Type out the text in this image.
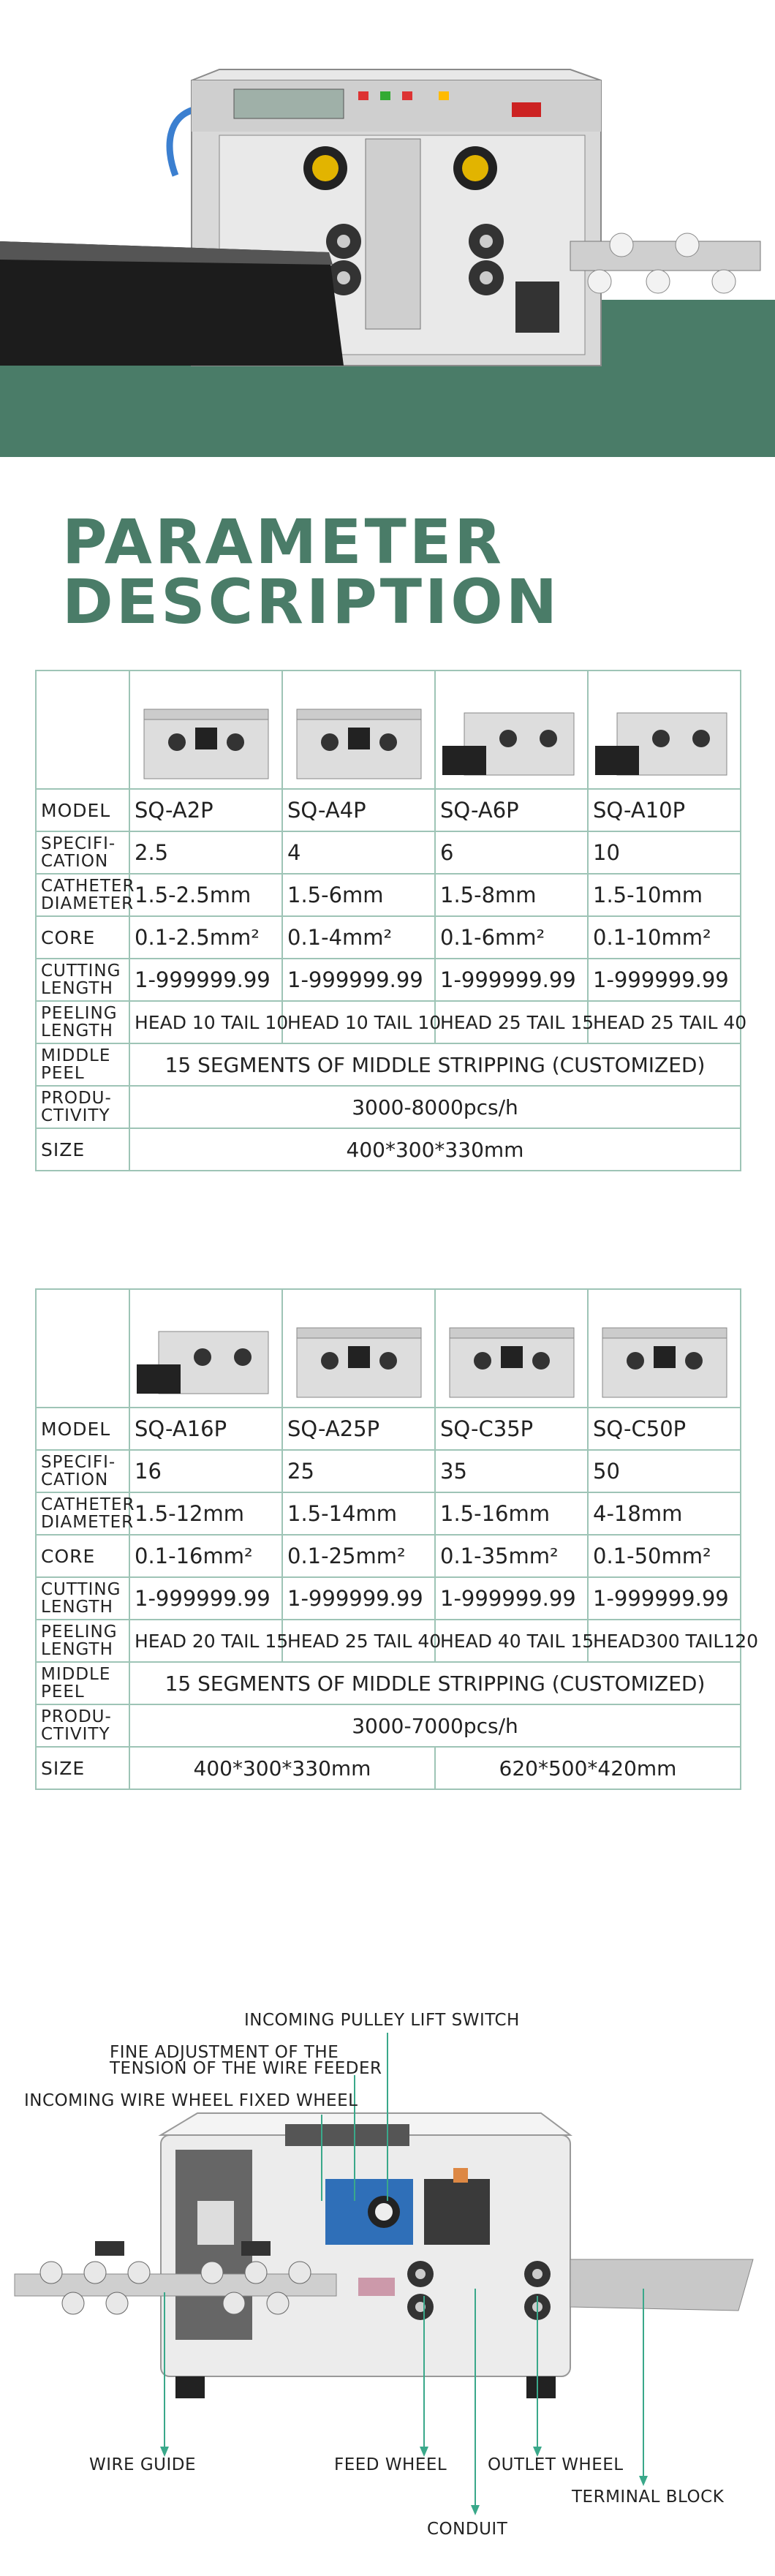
PARAMETER
DESCRIPTION

MODEL	SQ-A2P	SQ-A4P	SQ-A6P	SQ-A10P
SPECIFI-
CATION	2.5	4	6	10
CATHETER
DIAMETER	1.5-2.5mm	1.5-6mm	1.5-8mm	1.5-10mm
CORE	0.1-2.5mm²	0.1-4mm²	0.1-6mm²	0.1-10mm²
CUTTING
LENGTH	1-999999.99	1-999999.99	1-999999.99	1-999999.99
PEELING
LENGTH	HEAD 10 TAIL 10	HEAD 10 TAIL 10	HEAD 25 TAIL 15	HEAD 25 TAIL 40
MIDDLE
PEEL	15 SEGMENTS OF MIDDLE STRIPPING (CUSTOMIZED)			
PRODU-
CTIVITY	3000-8000pcs/h			
SIZE	400*300*330mm			

MODEL	SQ-A16P	SQ-A25P	SQ-C35P	SQ-C50P
SPECIFI-
CATION	16	25	35	50
CATHETER
DIAMETER	1.5-12mm	1.5-14mm	1.5-16mm	4-18mm
CORE	0.1-16mm²	0.1-25mm²	0.1-35mm²	0.1-50mm²
CUTTING
LENGTH	1-999999.99	1-999999.99	1-999999.99	1-999999.99
PEELING
LENGTH	HEAD 20 TAIL 15	HEAD 25 TAIL 40	HEAD 40 TAIL 15	HEAD300 TAIL120
MIDDLE
PEEL	15 SEGMENTS OF MIDDLE STRIPPING (CUSTOMIZED)			
PRODU-
CTIVITY	3000-7000pcs/h			
SIZE	400*300*330mm		620*500*420mm	
INCOMING PULLEY LIFT SWITCH
FINE ADJUSTMENT OF THE
TENSION OF THE WIRE FEEDER
INCOMING WIRE WHEEL FIXED WHEEL
WIRE GUIDE	FEED WHEEL OUTLET WHEEL
TERMINAL BLOCK
CONDUIT
